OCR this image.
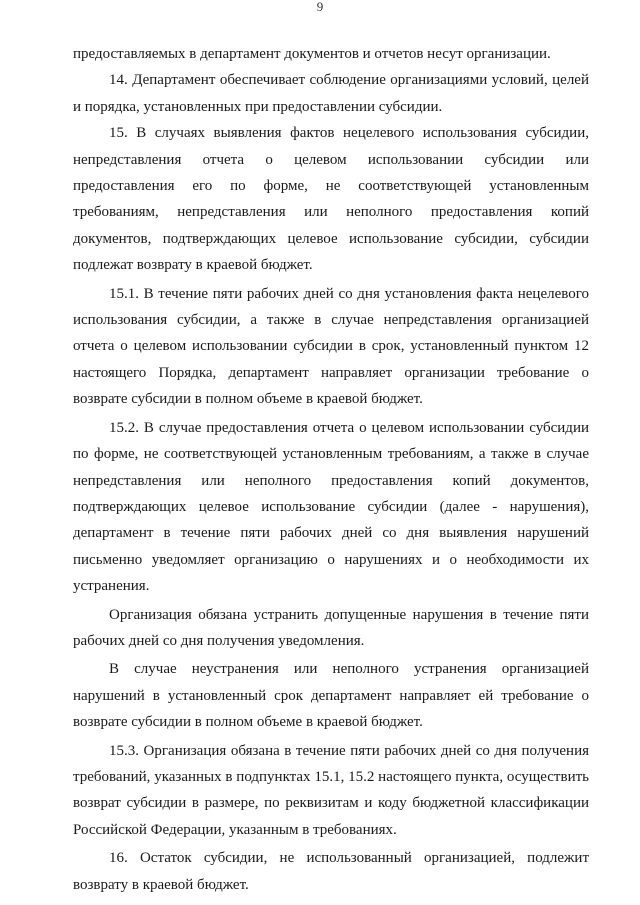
9

предоставляемых в департамент документов и отчетов несут организации.

14. Департамент обеспечивает соблюдение организациями условий, целей и порядка, установленных при предоставлении субсидии.

15. В случаях выявления фактов нецелевого использования субсидии, непредставления отчета о целевом использовании субсидии или предоставления его по форме, не соответствующей установленным требованиям, непредставления или неполного предоставления копий документов, подтверждающих целевое использование субсидии, субсидии подлежат возврату в краевой бюджет.

15.1. В течение пяти рабочих дней со дня установления факта нецелевого использования субсидии, а также в случае непредставления организацией отчета о целевом использовании субсидии в срок, установленный пунктом 12 настоящего Порядка, департамент направляет организации требование о возврате субсидии в полном объеме в краевой бюджет.

15.2. В случае предоставления отчета о целевом использовании субсидии по форме, не соответствующей установленным требованиям, а также в случае непредставления или неполного предоставления копий документов, подтверждающих целевое использование субсидии (далее - нарушения), департамент в течение пяти рабочих дней со дня выявления нарушений письменно уведомляет организацию о нарушениях и о необходимости их устранения.

Организация обязана устранить допущенные нарушения в течение пяти рабочих дней со дня получения уведомления.

В случае неустранения или неполного устранения организацией нарушений в установленный срок департамент направляет ей требование о возврате субсидии в полном объеме в краевой бюджет.

15.3. Организация обязана в течение пяти рабочих дней со дня получения требований, указанных в подпунктах 15.1, 15.2 настоящего пункта, осуществить возврат субсидии в размере, по реквизитам и коду бюджетной классификации Российской Федерации, указанным в требованиях.

16. Остаток субсидии, не использованный организацией, подлежит возврату в краевой бюджет.
